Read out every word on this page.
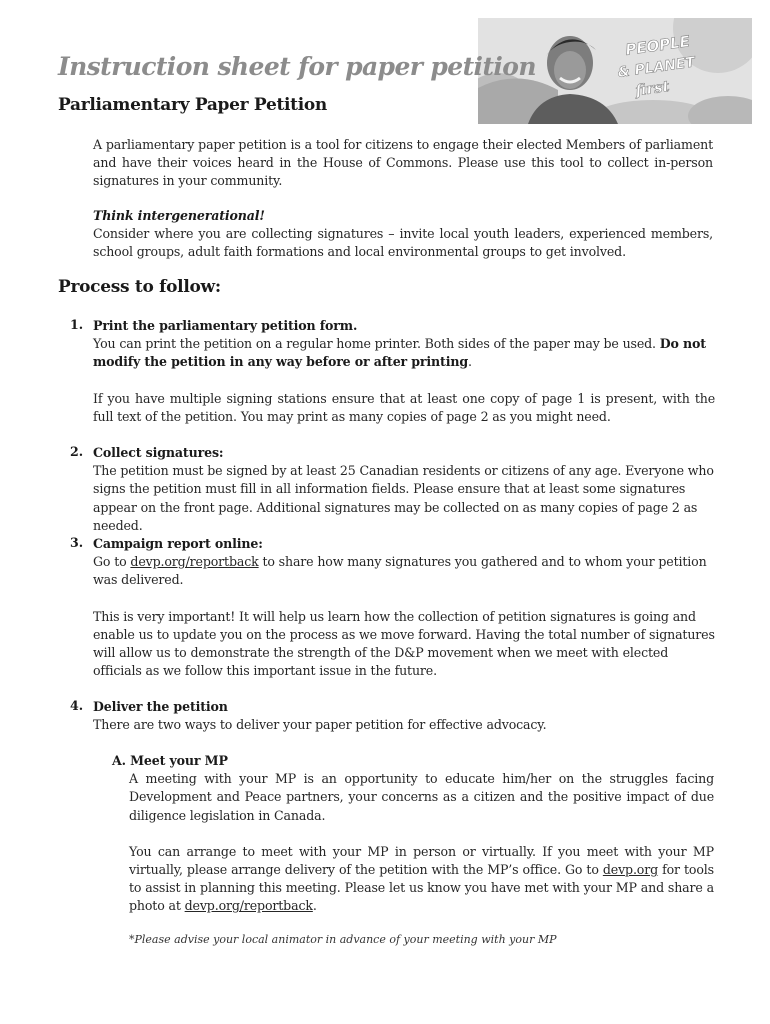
PEOPLE
& PLANET
first
Instruction sheet for paper petition
Parliamentary Paper Petition
A parliamentary paper petition is a tool for citizens to engage their elected Members of parliament and have their voices heard in the House of Commons. Please use this tool to collect in-person signatures in your community.

Think intergenerational!

Consider where you are collecting signatures – invite local youth leaders, experienced members, school groups, adult faith formations and local environmental groups to get involved.

Process to follow:
1. Print the parliamentary petition form.

You can print the petition on a regular home printer. Both sides of the paper may be used. Do not modify the petition in any way before or after printing.

If you have multiple signing stations ensure that at least one copy of page 1 is present, with the full text of the petition. You may print as many copies of page 2 as you might need.

2. Collect signatures:

The petition must be signed by at least 25 Canadian residents or citizens of any age. Everyone who signs the petition must fill in all information fields. Please ensure that at least some signatures appear on the front page. Additional signatures may be collected on as many copies of page 2 as needed.

3. Campaign report online:

Go to devp.org/reportback to share how many signatures you gathered and to whom your petition was delivered.

This is very important! It will help us learn how the collection of petition signatures is going and enable us to update you on the process as we move forward. Having the total number of signatures will allow us to demonstrate the strength of the D&P movement when we meet with elected officials as we follow this important issue in the future.

4. Deliver the petition

There are two ways to deliver your paper petition for effective advocacy.

A. Meet your MP

A meeting with your MP is an opportunity to educate him/her on the struggles facing Development and Peace partners, your concerns as a citizen and the positive impact of due diligence legislation in Canada.

You can arrange to meet with your MP in person or virtually. If you meet with your MP virtually, please arrange delivery of the petition with the MP’s office. Go to devp.org for tools to assist in planning this meeting. Please let us know you have met with your MP and share a photo at devp.org/reportback.

*Please advise your local animator in advance of your meeting with your MP
